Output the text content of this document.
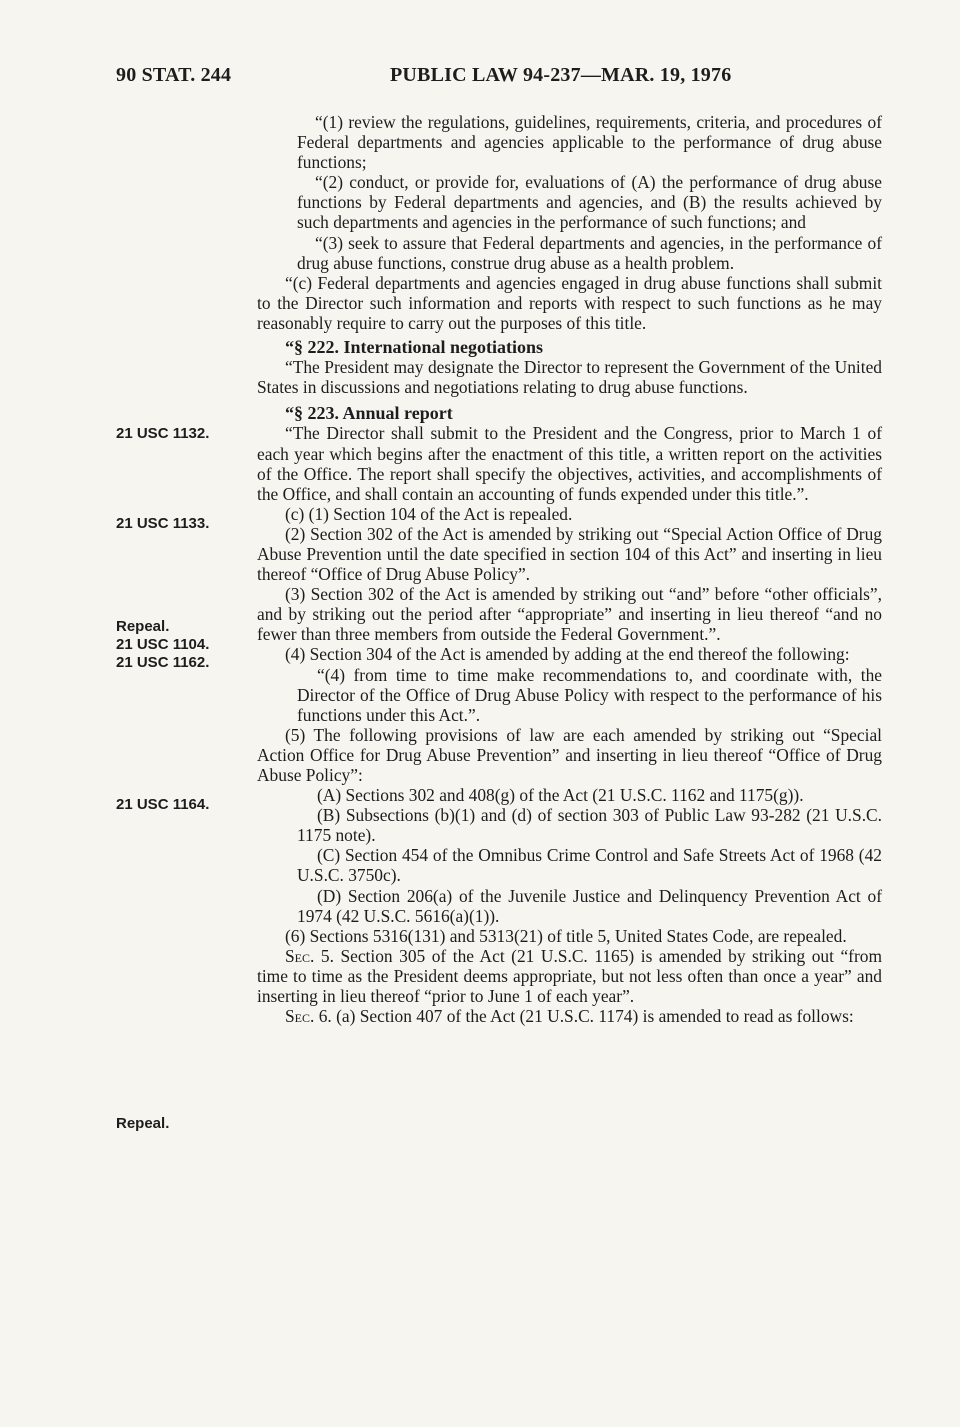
90 STAT. 244	PUBLIC LAW 94-237—MAR. 19, 1976
21 USC 1132.
21 USC 1133.
Repeal.
21 USC 1104.
21 USC 1162.
21 USC 1164.
Repeal.

“(1) review the regulations, guidelines, requirements, criteria, and procedures of Federal departments and agencies applicable to the performance of drug abuse functions;

“(2) conduct, or provide for, evaluations of (A) the performance of drug abuse functions by Federal departments and agencies, and (B) the results achieved by such departments and agencies in the performance of such functions; and

“(3) seek to assure that Federal departments and agencies, in the performance of drug abuse functions, construe drug abuse as a health problem.

“(c) Federal departments and agencies engaged in drug abuse functions shall submit to the Director such information and reports with respect to such functions as he may reasonably require to carry out the purposes of this title.

“§ 222. International negotiations

“The President may designate the Director to represent the Government of the United States in discussions and negotiations relating to drug abuse functions.

“§ 223. Annual report

“The Director shall submit to the President and the Congress, prior to March 1 of each year which begins after the enactment of this title, a written report on the activities of the Office. The report shall specify the objectives, activities, and accomplishments of the Office, and shall contain an accounting of funds expended under this title.”.

(c) (1) Section 104 of the Act is repealed.

(2) Section 302 of the Act is amended by striking out “Special Action Office of Drug Abuse Prevention until the date specified in section 104 of this Act” and inserting in lieu thereof “Office of Drug Abuse Policy”.

(3) Section 302 of the Act is amended by striking out “and” before “other officials”, and by striking out the period after “appropriate” and inserting in lieu thereof “and no fewer than three members from outside the Federal Government.”.

(4) Section 304 of the Act is amended by adding at the end thereof the following:

“(4) from time to time make recommendations to, and coordinate with, the Director of the Office of Drug Abuse Policy with respect to the performance of his functions under this Act.”.

(5) The following provisions of law are each amended by striking out “Special Action Office for Drug Abuse Prevention” and inserting in lieu thereof “Office of Drug Abuse Policy”:

(A) Sections 302 and 408(g) of the Act (21 U.S.C. 1162 and 1175(g)).

(B) Subsections (b)(1) and (d) of section 303 of Public Law 93-282 (21 U.S.C. 1175 note).

(C) Section 454 of the Omnibus Crime Control and Safe Streets Act of 1968 (42 U.S.C. 3750c).

(D) Section 206(a) of the Juvenile Justice and Delinquency Prevention Act of 1974 (42 U.S.C. 5616(a)(1)).

(6) Sections 5316(131) and 5313(21) of title 5, United States Code, are repealed.

Sec. 5. Section 305 of the Act (21 U.S.C. 1165) is amended by striking out “from time to time as the President deems appropriate, but not less often than once a year” and inserting in lieu thereof “prior to June 1 of each year”.

Sec. 6. (a) Section 407 of the Act (21 U.S.C. 1174) is amended to read as follows:
